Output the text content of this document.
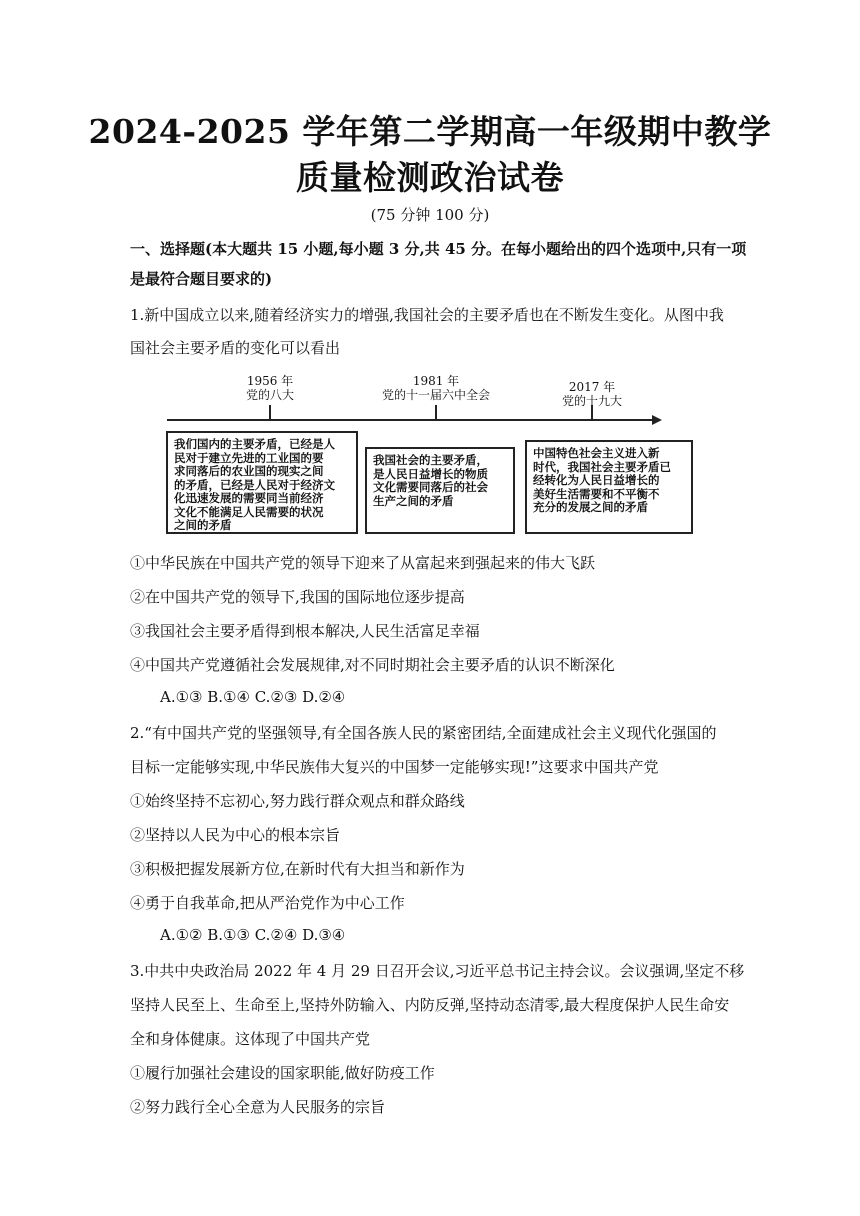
2024-2025 学年第二学期高一年级期中教学
质量检测政治试卷
(75 分钟 100 分)
一、选择题(本大题共 15 小题,每小题 3 分,共 45 分。在每小题给出的四个选项中,只有一项
是最符合题目要求的)
1.新中国成立以来,随着经济实力的增强,我国社会的主要矛盾也在不断发生变化。从图中我
国社会主要矛盾的变化可以看出
1956 年
党的八大
1981 年
党的十一届六中全会
2017 年
党的十九大
我们国内的主要矛盾，已经是人
民对于建立先进的工业国的要
求同落后的农业国的现实之间
的矛盾，已经是人民对于经济文
化迅速发展的需要同当前经济
文化不能满足人民需要的状况
之间的矛盾
我国社会的主要矛盾，
是人民日益增长的物质
文化需要同落后的社会
生产之间的矛盾
中国特色社会主义进入新
时代，我国社会主要矛盾已
经转化为人民日益增长的
美好生活需要和不平衡不
充分的发展之间的矛盾
①中华民族在中国共产党的领导下迎来了从富起来到强起来的伟大飞跃
②在中国共产党的领导下,我国的国际地位逐步提高
③我国社会主要矛盾得到根本解决,人民生活富足幸福
④中国共产党遵循社会发展规律,对不同时期社会主要矛盾的认识不断深化
A.①③ B.①④ C.②③ D.②④
2.“有中国共产党的坚强领导,有全国各族人民的紧密团结,全面建成社会主义现代化强国的
目标一定能够实现,中华民族伟大复兴的中国梦一定能够实现!”这要求中国共产党
①始终坚持不忘初心,努力践行群众观点和群众路线
②坚持以人民为中心的根本宗旨
③积极把握发展新方位,在新时代有大担当和新作为
④勇于自我革命,把从严治党作为中心工作
A.①② B.①③ C.②④ D.③④
3.中共中央政治局 2022 年 4 月 29 日召开会议,习近平总书记主持会议。会议强调,坚定不移
坚持人民至上、生命至上,坚持外防输入、内防反弹,坚持动态清零,最大程度保护人民生命安
全和身体健康。这体现了中国共产党
①履行加强社会建设的国家职能,做好防疫工作
②努力践行全心全意为人民服务的宗旨
